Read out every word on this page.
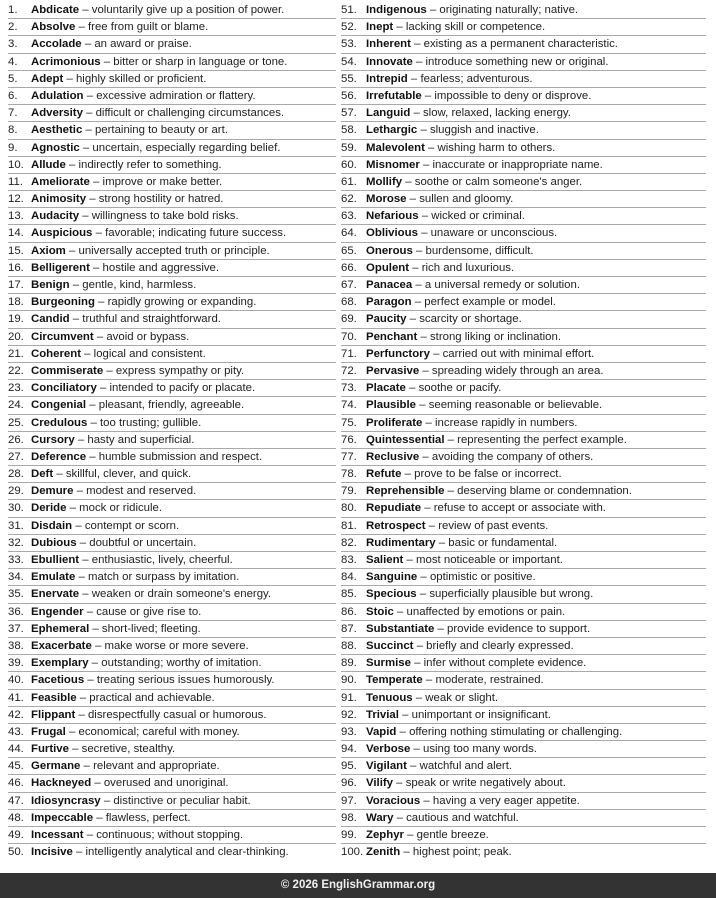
1. Abdicate – voluntarily give up a position of power.
2. Absolve – free from guilt or blame.
3. Accolade – an award or praise.
4. Acrimonious – bitter or sharp in language or tone.
5. Adept – highly skilled or proficient.
6. Adulation – excessive admiration or flattery.
7. Adversity – difficult or challenging circumstances.
8. Aesthetic – pertaining to beauty or art.
9. Agnostic – uncertain, especially regarding belief.
10. Allude – indirectly refer to something.
11. Ameliorate – improve or make better.
12. Animosity – strong hostility or hatred.
13. Audacity – willingness to take bold risks.
14. Auspicious – favorable; indicating future success.
15. Axiom – universally accepted truth or principle.
16. Belligerent – hostile and aggressive.
17. Benign – gentle, kind, harmless.
18. Burgeoning – rapidly growing or expanding.
19. Candid – truthful and straightforward.
20. Circumvent – avoid or bypass.
21. Coherent – logical and consistent.
22. Commiserate – express sympathy or pity.
23. Conciliatory – intended to pacify or placate.
24. Congenial – pleasant, friendly, agreeable.
25. Credulous – too trusting; gullible.
26. Cursory – hasty and superficial.
27. Deference – humble submission and respect.
28. Deft – skillful, clever, and quick.
29. Demure – modest and reserved.
30. Deride – mock or ridicule.
31. Disdain – contempt or scorn.
32. Dubious – doubtful or uncertain.
33. Ebullient – enthusiastic, lively, cheerful.
34. Emulate – match or surpass by imitation.
35. Enervate – weaken or drain someone's energy.
36. Engender – cause or give rise to.
37. Ephemeral – short-lived; fleeting.
38. Exacerbate – make worse or more severe.
39. Exemplary – outstanding; worthy of imitation.
40. Facetious – treating serious issues humorously.
41. Feasible – practical and achievable.
42. Flippant – disrespectfully casual or humorous.
43. Frugal – economical; careful with money.
44. Furtive – secretive, stealthy.
45. Germane – relevant and appropriate.
46. Hackneyed – overused and unoriginal.
47. Idiosyncrasy – distinctive or peculiar habit.
48. Impeccable – flawless, perfect.
49. Incessant – continuous; without stopping.
50. Incisive – intelligently analytical and clear-thinking.
51. Indigenous – originating naturally; native.
52. Inept – lacking skill or competence.
53. Inherent – existing as a permanent characteristic.
54. Innovate – introduce something new or original.
55. Intrepid – fearless; adventurous.
56. Irrefutable – impossible to deny or disprove.
57. Languid – slow, relaxed, lacking energy.
58. Lethargic – sluggish and inactive.
59. Malevolent – wishing harm to others.
60. Misnomer – inaccurate or inappropriate name.
61. Mollify – soothe or calm someone's anger.
62. Morose – sullen and gloomy.
63. Nefarious – wicked or criminal.
64. Oblivious – unaware or unconscious.
65. Onerous – burdensome, difficult.
66. Opulent – rich and luxurious.
67. Panacea – a universal remedy or solution.
68. Paragon – perfect example or model.
69. Paucity – scarcity or shortage.
70. Penchant – strong liking or inclination.
71. Perfunctory – carried out with minimal effort.
72. Pervasive – spreading widely through an area.
73. Placate – soothe or pacify.
74. Plausible – seeming reasonable or believable.
75. Proliferate – increase rapidly in numbers.
76. Quintessential – representing the perfect example.
77. Reclusive – avoiding the company of others.
78. Refute – prove to be false or incorrect.
79. Reprehensible – deserving blame or condemnation.
80. Repudiate – refuse to accept or associate with.
81. Retrospect – review of past events.
82. Rudimentary – basic or fundamental.
83. Salient – most noticeable or important.
84. Sanguine – optimistic or positive.
85. Specious – superficially plausible but wrong.
86. Stoic – unaffected by emotions or pain.
87. Substantiate – provide evidence to support.
88. Succinct – briefly and clearly expressed.
89. Surmise – infer without complete evidence.
90. Temperate – moderate, restrained.
91. Tenuous – weak or slight.
92. Trivial – unimportant or insignificant.
93. Vapid – offering nothing stimulating or challenging.
94. Verbose – using too many words.
95. Vigilant – watchful and alert.
96. Vilify – speak or write negatively about.
97. Voracious – having a very eager appetite.
98. Wary – cautious and watchful.
99. Zephyr – gentle breeze.
100. Zenith – highest point; peak.
© 2026 EnglishGrammar.org
